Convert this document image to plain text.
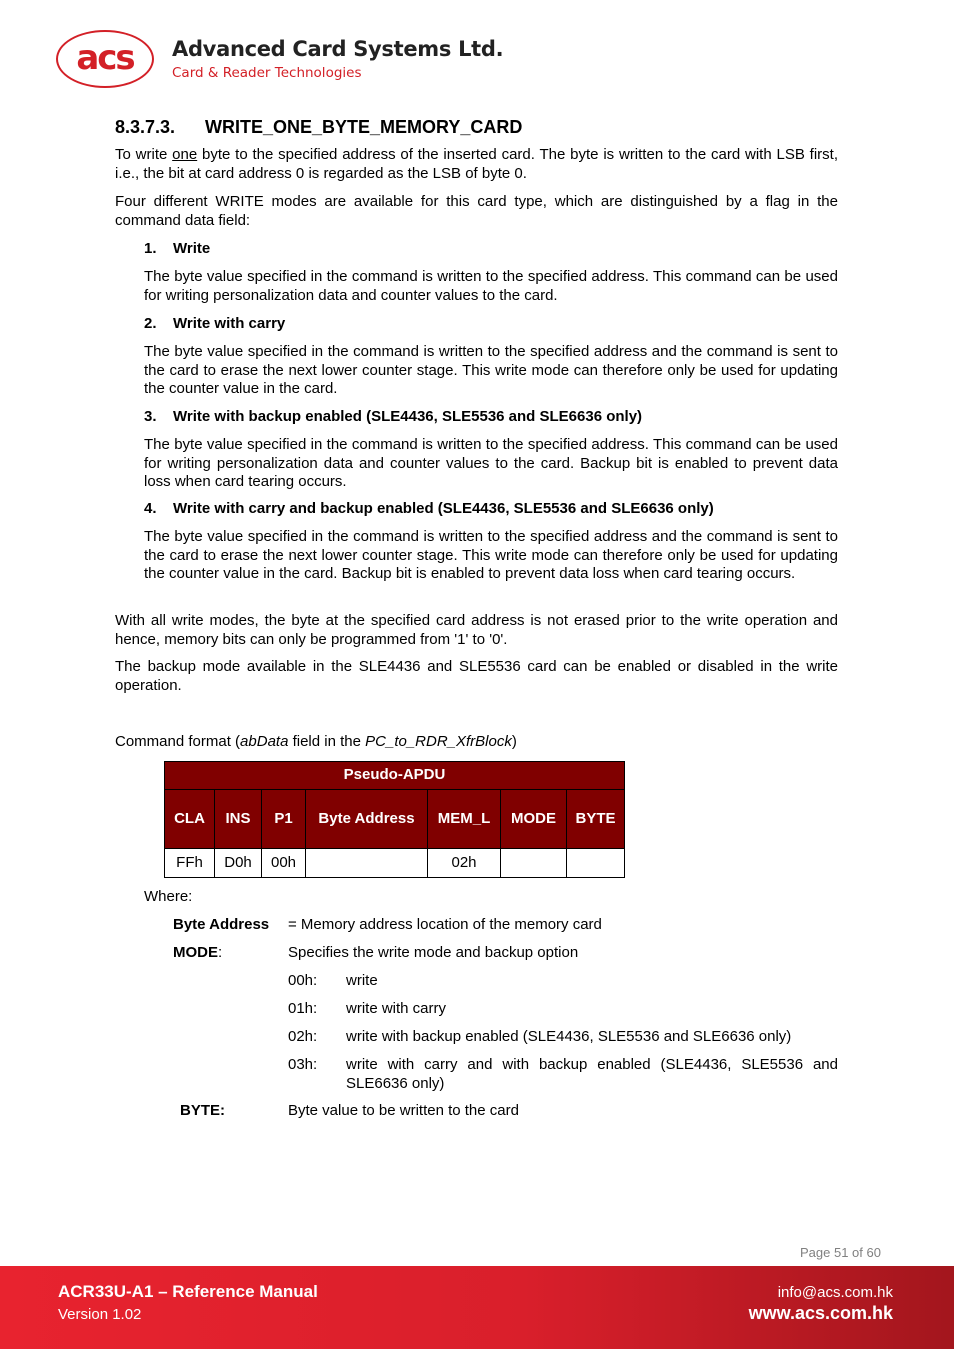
acs	Advanced Card Systems Ltd.
Card & Reader Technologies
8.3.7.3. WRITE_ONE_BYTE_MEMORY_CARD
To write one byte to the specified address of the inserted card. The byte is written to the card with LSB first, i.e., the bit at card address 0 is regarded as the LSB of byte 0.
Four different WRITE modes are available for this card type, which are distinguished by a flag in the command data field:
1. Write
The byte value specified in the command is written to the specified address. This command can be used for writing personalization data and counter values to the card.
2. Write with carry
The byte value specified in the command is written to the specified address and the command is sent to the card to erase the next lower counter stage. This write mode can therefore only be used for updating the counter value in the card.
3. Write with backup enabled (SLE4436, SLE5536 and SLE6636 only)
The byte value specified in the command is written to the specified address. This command can be used for writing personalization data and counter values to the card. Backup bit is enabled to prevent data loss when card tearing occurs.
4. Write with carry and backup enabled (SLE4436, SLE5536 and SLE6636 only)
The byte value specified in the command is written to the specified address and the command is sent to the card to erase the next lower counter stage. This write mode can therefore only be used for updating the counter value in the card. Backup bit is enabled to prevent data loss when card tearing occurs.
With all write modes, the byte at the specified card address is not erased prior to the write operation and hence, memory bits can only be programmed from '1' to '0'.
The backup mode available in the SLE4436 and SLE5536 card can be enabled or disabled in the write operation.
Command format (abData field in the PC_to_RDR_XfrBlock)
Pseudo-APDU						
CLA	INS	P1	Byte Address	MEM_L	MODE	BYTE
FFh	D0h	00h		02h		
Where:
Byte Address = Memory address location of the memory card
MODE:	Specifies the write mode and backup option
00h: write
01h: write with carry
02h: write with backup enabled (SLE4436, SLE5536 and SLE6636 only)
03h: write with carry and with backup enabled (SLE4436, SLE5536 and SLE6636 only)
BYTE:	Byte value to be written to the card
Page 51 of 60
ACR33U-A1 – Reference Manual
Version 1.02
info@acs.com.hk
www.acs.com.hk
